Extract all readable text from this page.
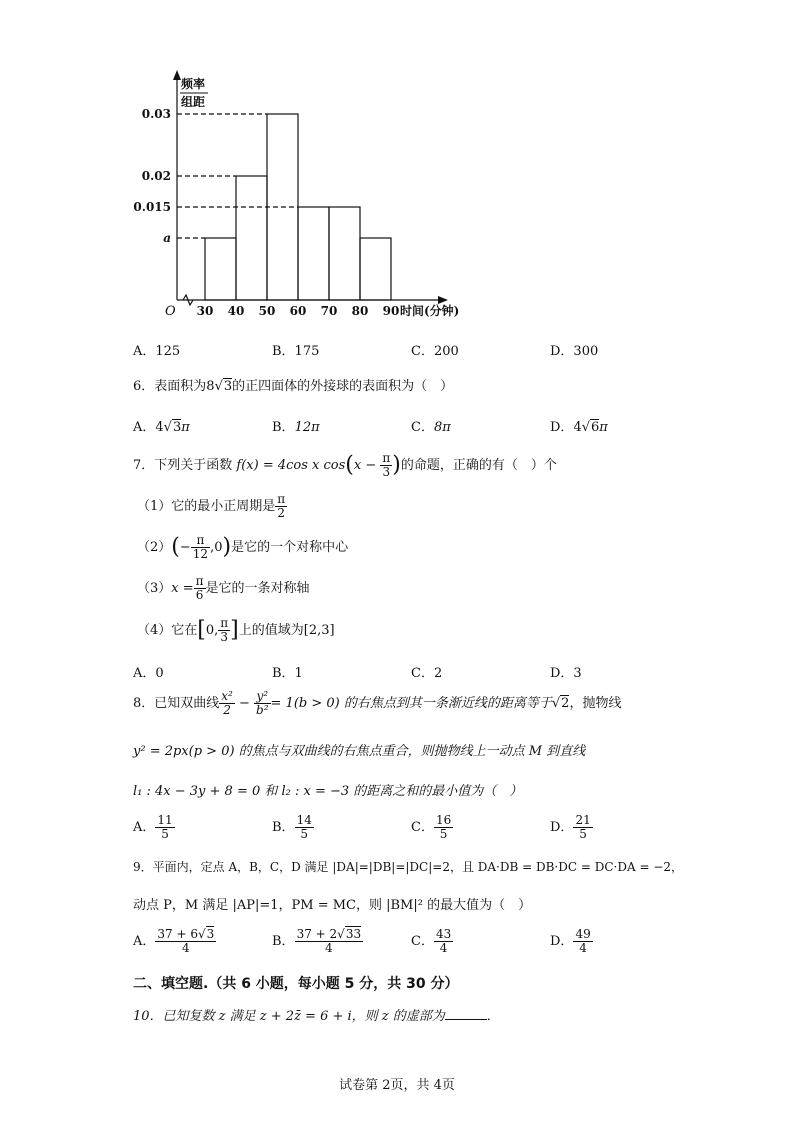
0.03
0.02
0.015
a
30 40 50 60 70 80 90
O	时间(分钟)
频率
组距
A．125	B．175	C．200	D．300
6．表面积为8√3的正四面体的外接球的表面积为（　）
A．4√3π	B．12π	C．8π	D．4√6π
7．下列关于函数 f(x) = 4cos x $\cos(x - \frac{\pi}{3}$ )的命题，正确的有（　）个
（1）它的最小正周期是 $\frac{\pi}{2}$
$(2)(- \frac{\pi}{12} ,0)$是它的一个对称中心
$(3)x = \frac{\pi}{6}$ 是它的一条对称轴
（4）它在[0, $\frac{\pi}{3}$ ]上的值域为[2,3]
A．0	B．1	C．2	D．3
8．已知双曲线 $\frac{\text{x²}}{2} - \frac{\text{y²}}{\text{b²}} = 1(b > 0)$ 的右焦点到其一条渐近线的距离等于√2，抛物线
y² = 2px(p > 0) 的焦点与双曲线的右焦点重合，则抛物线上一动点 M 到直线
l₁ : 4x − 3y + 8 = 0 和 l₂ : x = −3 的距离之和的最小值为（　）
A． $\frac{11}{5}$	B． $\frac{14}{5}$	C． $\frac{16}{5}$	D． $\frac{21}{5}$
9．平面内，定点 A，B，C，D 满足 |DA|=|DB|=|DC|=2，且 DA·DB = DB·DC = DC·DA = −2，
动点 P，M 满足 |AP|=1，PM = MC，则 |BM|² 的最大值为（　）
A． $\frac{37 + 6√3}{4}$	B． $\frac{37 + 2√33}{4}$	C． $\frac{43}{4}$	D． $\frac{49}{4}$
二、填空题.（共 6 小题，每小题 5 分，共 30 分）
10．已知复数 z 满足 z + 2z̄ = 6 + i，则 z 的虚部为	．
试卷第 2页，共 4页
